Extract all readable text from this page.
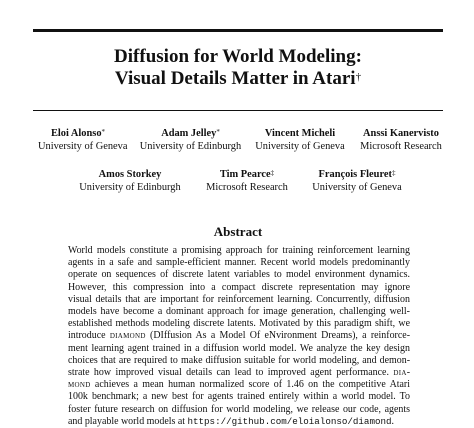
Diffusion for World Modeling:
Visual Details Matter in Atari†
Eloi Alonso*
University of Geneva
Adam Jelley*
University of Edinburgh
Vincent Micheli
University of Geneva
Anssi Kanervisto
Microsoft Research
Amos Storkey
University of Edinburgh
Tim Pearce‡
Microsoft Research
François Fleuret‡
University of Geneva
Abstract
World models constitute a promising approach for training reinforcement learning
agents in a safe and sample-efficient manner. Recent world models predominantly
operate on sequences of discrete latent variables to model environment dynamics.
However, this compression into a compact discrete representation may ignore
visual details that are important for reinforcement learning. Concurrently, diffusion
models have become a dominant approach for image generation, challenging well-
established methods modeling discrete latents. Motivated by this paradigm shift, we
introduce diamond (DIffusion As a Model Of eNvironment Dreams), a reinforce-
ment learning agent trained in a diffusion world model. We analyze the key design
choices that are required to make diffusion suitable for world modeling, and demon-
strate how improved visual details can lead to improved agent performance. dia-
mond achieves a mean human normalized score of 1.46 on the competitive Atari
100k benchmark; a new best for agents trained entirely within a world model. To
foster future research on diffusion for world modeling, we release our code, agents
and playable world models at https://github.com/eloialonso/diamond.
